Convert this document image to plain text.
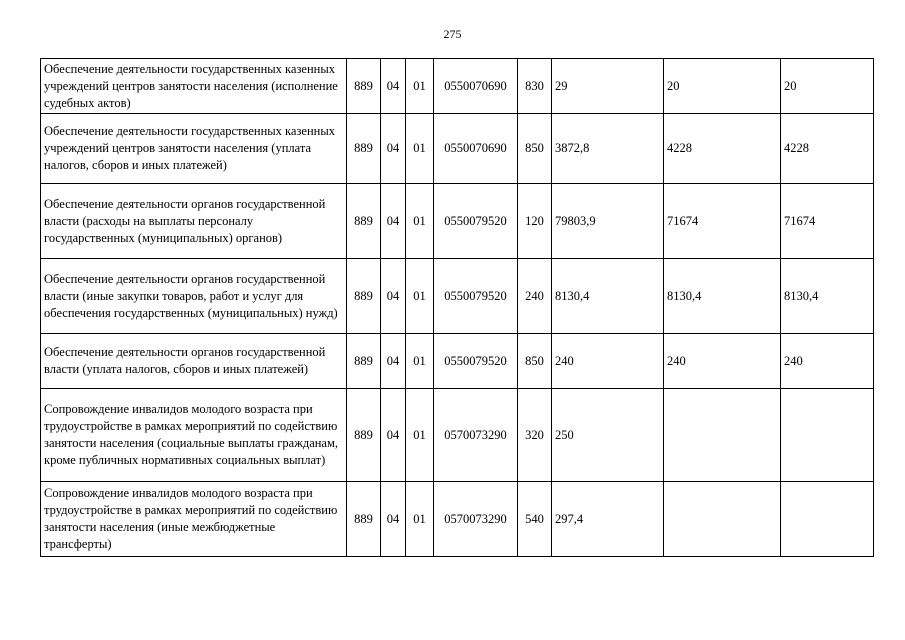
275
Обеспечение деятельности государственных казенных учреждений центров занятости населения (исполнение судебных актов)	889	04	01	0550070690	830	29	20	20
Обеспечение деятельности государственных казенных учреждений центров занятости населения (уплата налогов, сборов и иных платежей)	889	04	01	0550070690	850	3872,8	4228	4228
Обеспечение деятельности органов государственной власти (расходы на выплаты персоналу государственных (муниципальных) органов)	889	04	01	0550079520	120	79803,9	71674	71674
Обеспечение деятельности органов государственной власти (иные закупки товаров, работ и услуг для обеспечения государственных (муниципальных) нужд)	889	04	01	0550079520	240	8130,4	8130,4	8130,4
Обеспечение деятельности органов государственной власти (уплата налогов, сборов и иных платежей)	889	04	01	0550079520	850	240	240	240
Сопровождение инвалидов молодого возраста при трудоустройстве в рамках мероприятий по содействию занятости населения (социальные выплаты гражданам, кроме публичных нормативных социальных выплат)	889	04	01	0570073290	320	250		
Сопровождение инвалидов молодого возраста при трудоустройстве в рамках мероприятий по содействию занятости населения (иные межбюджетные трансферты)	889	04	01	0570073290	540	297,4		
